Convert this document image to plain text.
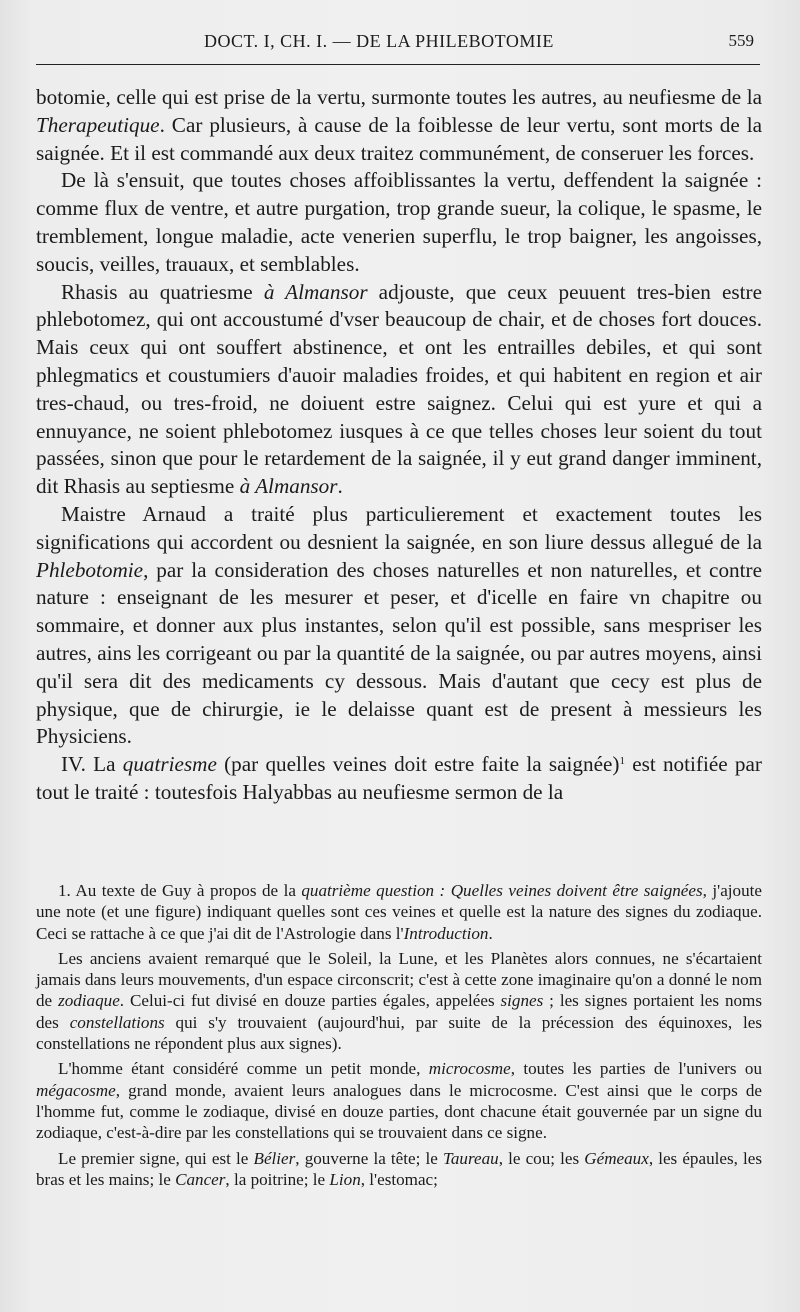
DOCT. I, CH. I. — DE LA PHILEBOTOMIE	559

botomie, celle qui est prise de la vertu, surmonte toutes les autres, au neufiesme de la Therapeutique. Car plusieurs, à cause de la foiblesse de leur vertu, sont morts de la saignée. Et il est commandé aux deux traitez communément, de conseruer les forces.

De là s'ensuit, que toutes choses affoiblissantes la vertu, deffendent la saignée : comme flux de ventre, et autre purgation, trop grande sueur, la colique, le spasme, le tremblement, longue maladie, acte venerien superflu, le trop baigner, les angoisses, soucis, veilles, trauaux, et semblables.

Rhasis au quatriesme à Almansor adjouste, que ceux peuuent tres-bien estre phlebotomez, qui ont accoustumé d'vser beaucoup de chair, et de choses fort douces. Mais ceux qui ont souffert abstinence, et ont les entrailles debiles, et qui sont phlegmatics et coustumiers d'auoir maladies froides, et qui habitent en region et air tres-chaud, ou tres-froid, ne doiuent estre saignez. Celui qui est yure et qui a ennuyance, ne soient phlebotomez iusques à ce que telles choses leur soient du tout passées, sinon que pour le retardement de la saignée, il y eut grand danger imminent, dit Rhasis au septiesme à Almansor.

Maistre Arnaud a traité plus particulierement et exactement toutes les significations qui accordent ou desnient la saignée, en son liure dessus allegué de la Phlebotomie, par la consideration des choses naturelles et non naturelles, et contre nature : enseignant de les mesurer et peser, et d'icelle en faire vn chapitre ou sommaire, et donner aux plus instantes, selon qu'il est possible, sans mespriser les autres, ains les corrigeant ou par la quantité de la saignée, ou par autres moyens, ainsi qu'il sera dit des medicaments cy dessous. Mais d'autant que cecy est plus de physique, que de chirurgie, ie le delaisse quant est de present à messieurs les Physiciens.

IV. La quatriesme (par quelles veines doit estre faite la saignée)$^1$ est notifiée par tout le traité : toutesfois Halyabbas au neufiesme sermon de la

1. Au texte de Guy à propos de la quatrième question : Quelles veines doivent être saignées, j'ajoute une note (et une figure) indiquant quelles sont ces veines et quelle est la nature des signes du zodiaque. Ceci se rattache à ce que j'ai dit de l'Astrologie dans l'Introduction.

Les anciens avaient remarqué que le Soleil, la Lune, et les Planètes alors connues, ne s'écartaient jamais dans leurs mouvements, d'un espace circonscrit; c'est à cette zone imaginaire qu'on a donné le nom de zodiaque. Celui-ci fut divisé en douze parties égales, appelées signes ; les signes portaient les noms des constellations qui s'y trouvaient (aujourd'hui, par suite de la précession des équinoxes, les constellations ne répondent plus aux signes).

L'homme étant considéré comme un petit monde, microcosme, toutes les parties de l'univers ou mégacosme, grand monde, avaient leurs analogues dans le microcosme. C'est ainsi que le corps de l'homme fut, comme le zodiaque, divisé en douze parties, dont chacune était gouvernée par un signe du zodiaque, c'est-à-dire par les constellations qui se trouvaient dans ce signe.

Le premier signe, qui est le Bélier, gouverne la tête; le Taureau, le cou; les Gémeaux, les épaules, les bras et les mains; le Cancer, la poitrine; le Lion, l'estomac;
